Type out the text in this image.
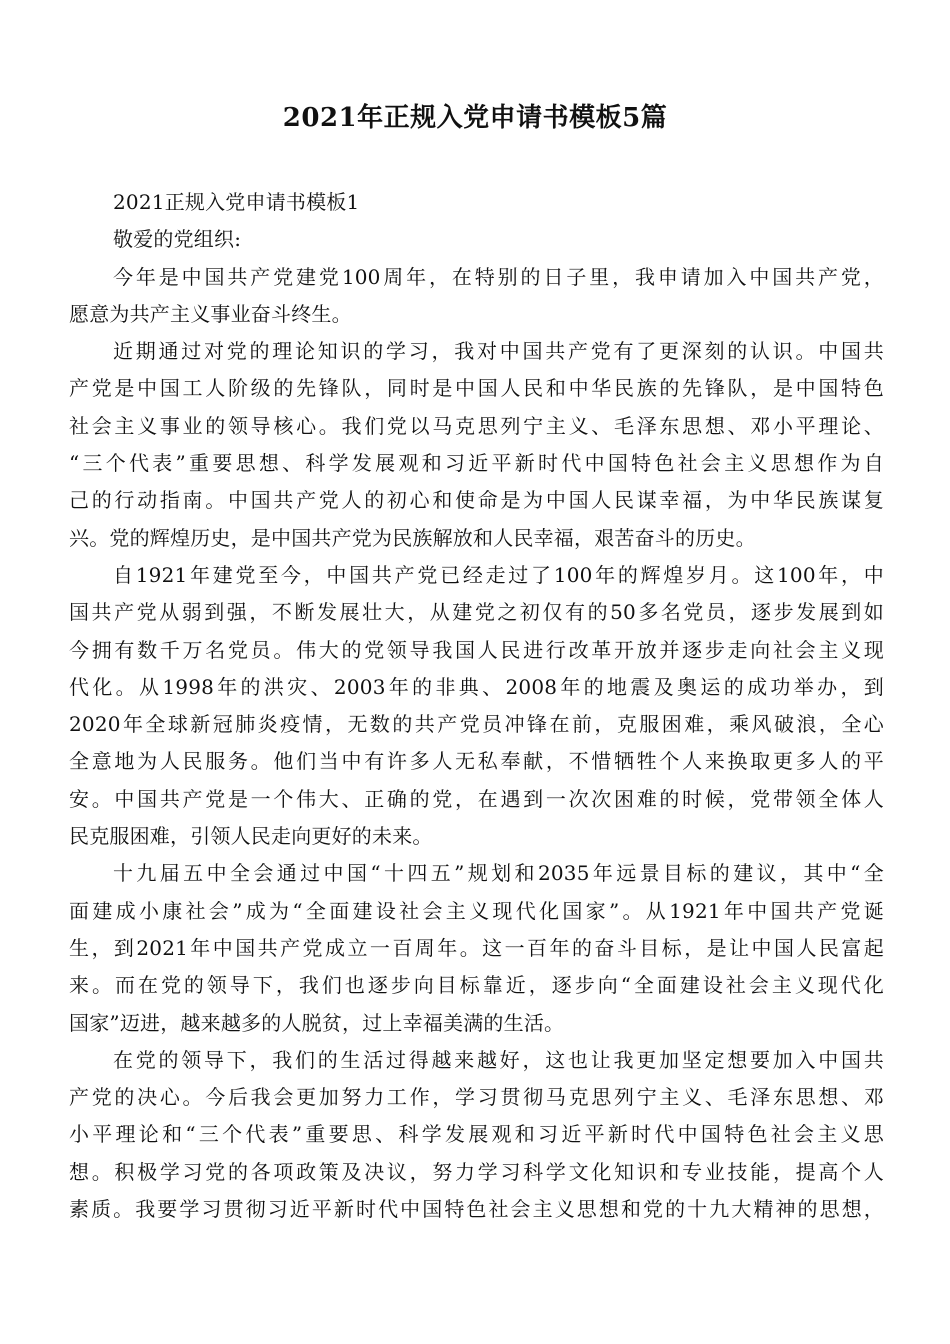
2021年正规入党申请书模板5篇

2021正规入党申请书模板1

敬爱的党组织:

今年是中国共产党建党100周年，在特别的日子里，我申请加入中国共产党，

愿意为共产主义事业奋斗终生。

近期通过对党的理论知识的学习，我对中国共产党有了更深刻的认识。中国共

产党是中国工人阶级的先锋队，同时是中国人民和中华民族的先锋队，是中国特色

社会主义事业的领导核心。我们党以马克思列宁主义、毛泽东思想、邓小平理论、

“三个代表”重要思想、科学发展观和习近平新时代中国特色社会主义思想作为自

己的行动指南。中国共产党人的初心和使命是为中国人民谋幸福，为中华民族谋复

兴。党的辉煌历史，是中国共产党为民族解放和人民幸福，艰苦奋斗的历史。

自1921年建党至今，中国共产党已经走过了100年的辉煌岁月。这100年，中

国共产党从弱到强，不断发展壮大，从建党之初仅有的50多名党员，逐步发展到如

今拥有数千万名党员。伟大的党领导我国人民进行改革开放并逐步走向社会主义现

代化。从1998年的洪灾、2003年的非典、2008年的地震及奥运的成功举办，到

2020年全球新冠肺炎疫情，无数的共产党员冲锋在前，克服困难，乘风破浪，全心

全意地为人民服务。他们当中有许多人无私奉献，不惜牺牲个人来换取更多人的平

安。中国共产党是一个伟大、正确的党，在遇到一次次困难的时候，党带领全体人

民克服困难，引领人民走向更好的未来。

十九届五中全会通过中国“十四五”规划和2035年远景目标的建议，其中“全

面建成小康社会”成为“全面建设社会主义现代化国家”。从1921年中国共产党诞

生，到2021年中国共产党成立一百周年。这一百年的奋斗目标，是让中国人民富起

来。而在党的领导下，我们也逐步向目标靠近，逐步向“全面建设社会主义现代化

国家”迈进，越来越多的人脱贫，过上幸福美满的生活。

在党的领导下，我们的生活过得越来越好，这也让我更加坚定想要加入中国共

产党的决心。今后我会更加努力工作，学习贯彻马克思列宁主义、毛泽东思想、邓

小平理论和“三个代表”重要思、科学发展观和习近平新时代中国特色社会主义思

想。积极学习党的各项政策及决议，努力学习科学文化知识和专业技能，提高个人

素质。我要学习贯彻习近平新时代中国特色社会主义思想和党的十九大精神的思想，
